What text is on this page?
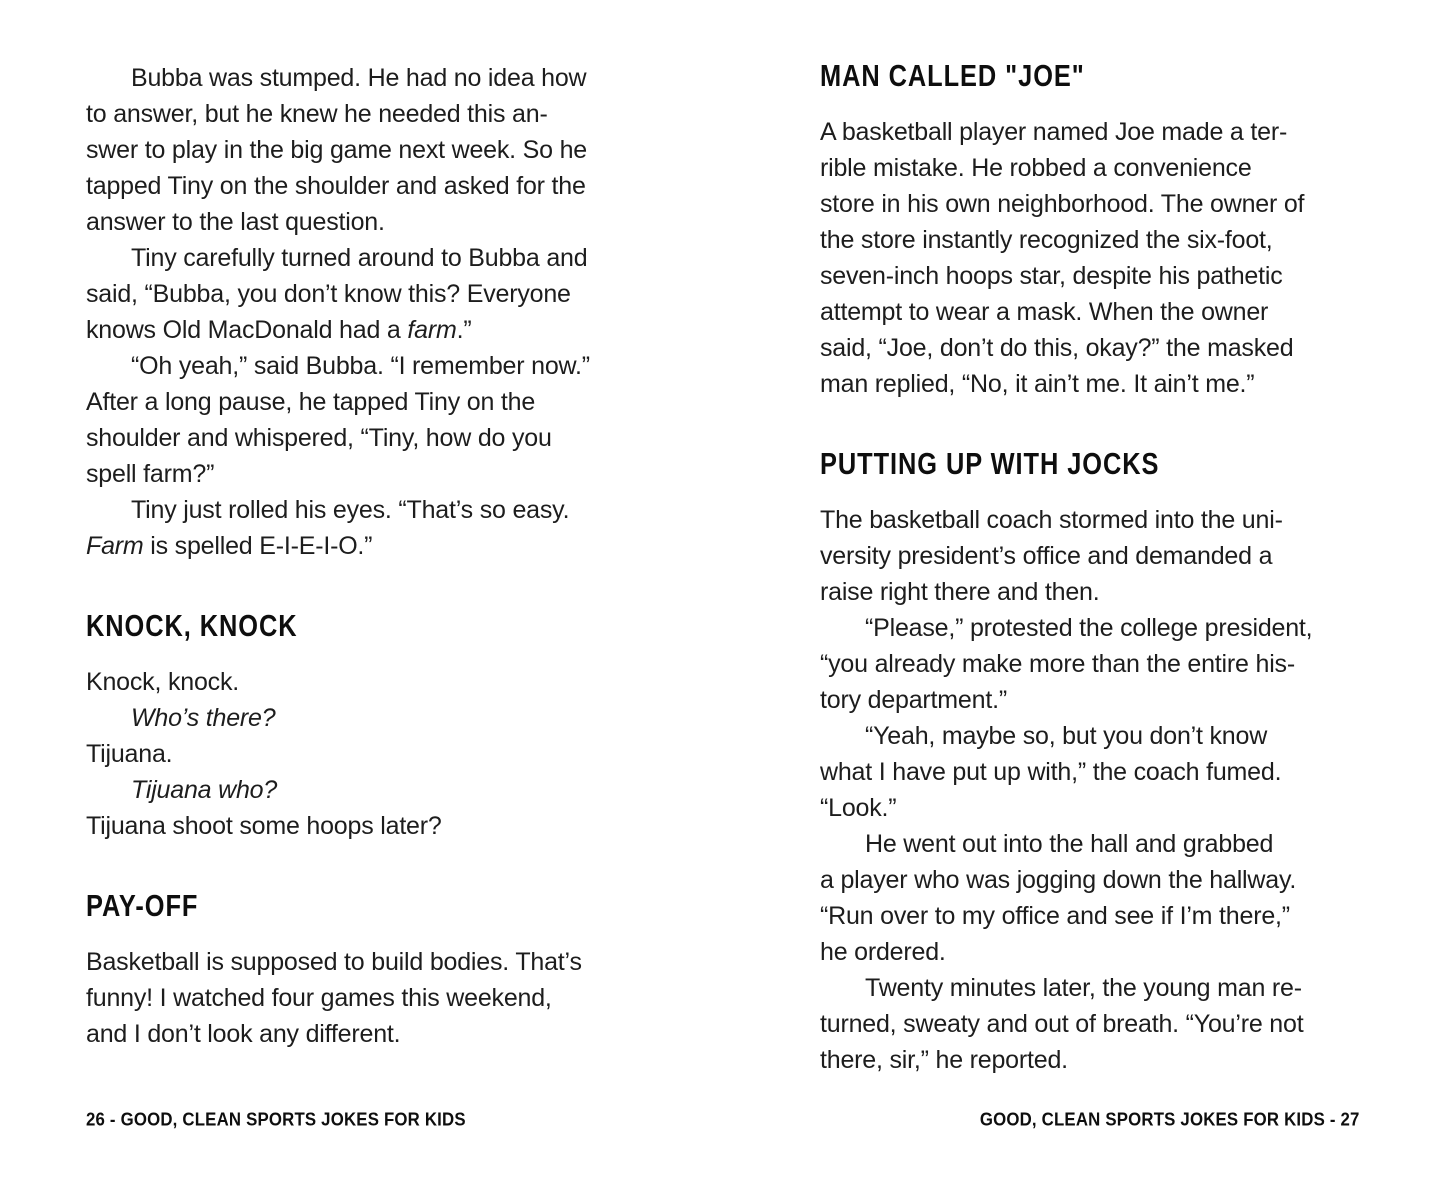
Bubba was stumped. He had no idea how
to answer, but he knew he needed this an-
swer to play in the big game next week. So he
tapped Tiny on the shoulder and asked for the
answer to the last question.
Tiny carefully turned around to Bubba and
said, “Bubba, you don’t know this? Everyone
knows Old MacDonald had a farm.”
“Oh yeah,” said Bubba. “I remember now.”
After a long pause, he tapped Tiny on the
shoulder and whispered, “Tiny, how do you
spell farm?”
Tiny just rolled his eyes. “That’s so easy.
Farm is spelled E-I-E-I-O.”
KNOCK, KNOCK
Knock, knock.
Who’s there?
Tijuana.
Tijuana who?
Tijuana shoot some hoops later?
PAY-OFF
Basketball is supposed to build bodies. That’s
funny! I watched four games this weekend,
and I don’t look any different.
MAN CALLED "JOE"
A basketball player named Joe made a ter-
rible mistake. He robbed a convenience
store in his own neighborhood. The owner of
the store instantly recognized the six-foot,
seven-inch hoops star, despite his pathetic
attempt to wear a mask. When the owner
said, “Joe, don’t do this, okay?” the masked
man replied, “No, it ain’t me. It ain’t me.”
PUTTING UP WITH JOCKS
The basketball coach stormed into the uni-
versity president’s office and demanded a
raise right there and then.
“Please,” protested the college president,
“you already make more than the entire his-
tory department.”
“Yeah, maybe so, but you don’t know
what I have put up with,” the coach fumed.
“Look.”
He went out into the hall and grabbed
a player who was jogging down the hallway.
“Run over to my office and see if I’m there,”
he ordered.
Twenty minutes later, the young man re-
turned, sweaty and out of breath. “You’re not
there, sir,” he reported.
26 - GOOD, CLEAN SPORTS JOKES FOR KIDS	GOOD, CLEAN SPORTS JOKES FOR KIDS - 27
